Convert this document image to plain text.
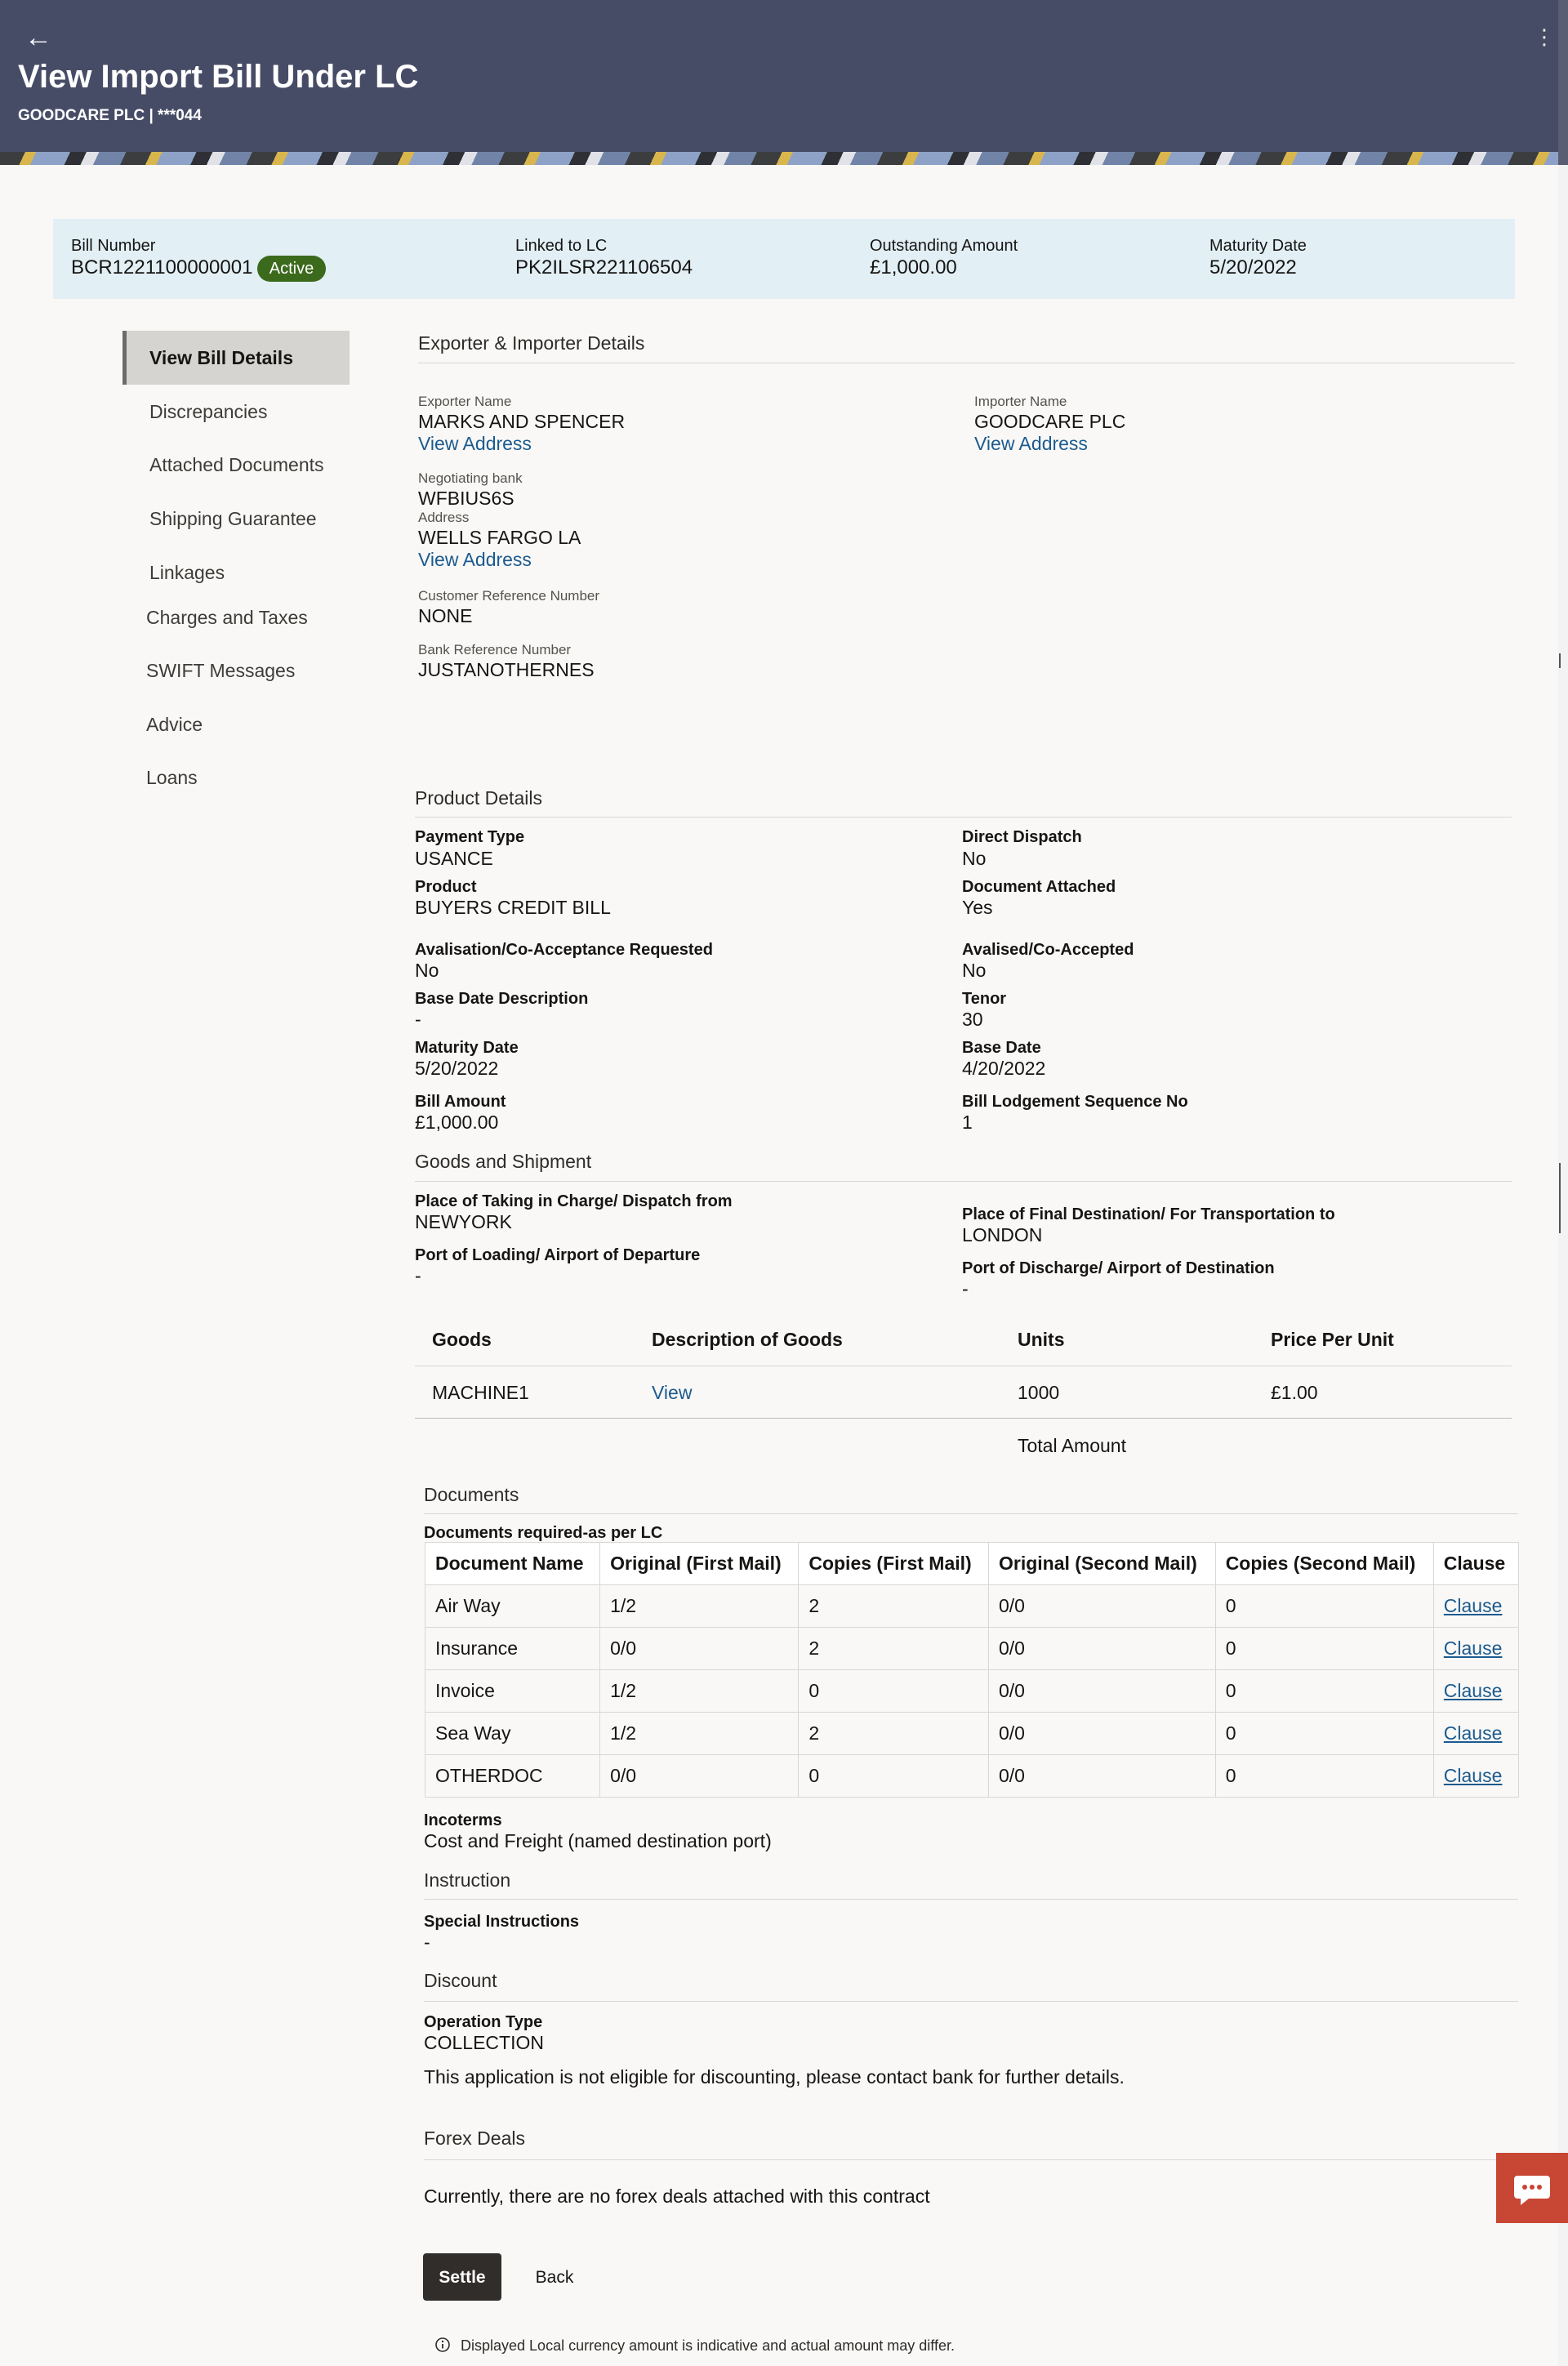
←	⋮
View Import Bill Under LC
GOODCARE PLC | ***044
Bill Number
BCR1221100000001	Active
Linked to LC
PK2ILSR221106504
Outstanding Amount
£1,000.00
Maturity Date
5/20/2022
View Bill Details
Discrepancies
Attached Documents
Shipping Guarantee
Linkages
Charges and Taxes
SWIFT Messages
Advice
Loans
Exporter & Importer Details
Exporter Name
MARKS AND SPENCER
View Address
Importer Name
GOODCARE PLC
View Address
Negotiating bank
WFBIUS6S
Address
WELLS FARGO LA
View Address
Customer Reference Number
NONE
Bank Reference Number
JUSTANOTHERNES
Product Details
Payment Type
USANCE
Direct Dispatch
No
Product
BUYERS CREDIT BILL
Document Attached
Yes
Avalisation/Co-Acceptance Requested
No
Avalised/Co-Accepted
No
Base Date Description
-
Tenor
30
Maturity Date
5/20/2022
Base Date
4/20/2022
Bill Amount
£1,000.00
Bill Lodgement Sequence No
1
Goods and Shipment
Place of Taking in Charge/ Dispatch from
NEWYORK	Place of Final Destination/ For Transportation to
LONDON
Port of Loading/ Airport of Departure
-	Port of Discharge/ Airport of Destination
-
Goods	Description of Goods	Units	Price Per Unit
MACHINE1	View	1000	£1.00
Total Amount
Documents
Documents required-as per LC
Document Name	Original (First Mail)	Copies (First Mail)	Original (Second Mail)	Copies (Second Mail)	Clause
Air Way	1/2	2	0/0	0	Clause
Insurance	0/0	2	0/0	0	Clause
Invoice	1/2	0	0/0	0	Clause
Sea Way	1/2	2	0/0	0	Clause
OTHERDOC	0/0	0	0/0	0	Clause
Incoterms
Cost and Freight (named destination port)
Instruction
Special Instructions
-
Discount
Operation Type
COLLECTION
This application is not eligible for discounting, please contact bank for further details.
Forex Deals
Currently, there are no forex deals attached with this contract
Settle	Back
Displayed Local currency amount is indicative and actual amount may differ.
